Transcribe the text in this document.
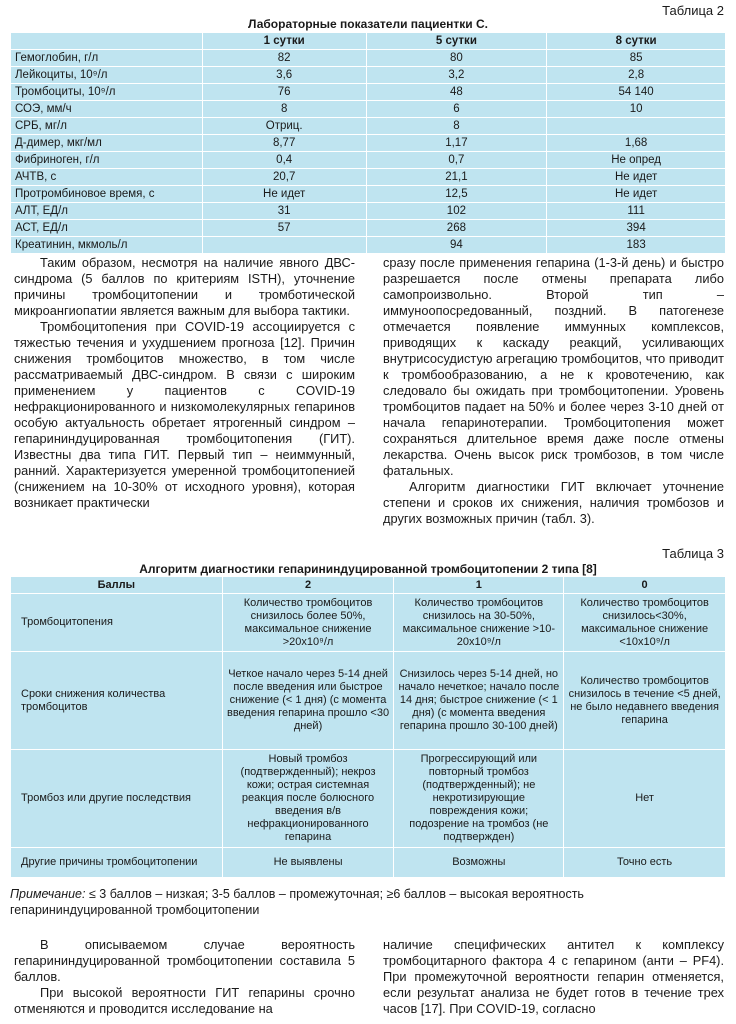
Таблица 2
Лабораторные показатели пациентки С.
	1 сутки	5 сутки	8 сутки
Гемоглобин, г/л	82	80	85
Лейкоциты, 10⁹/л	3,6	3,2	2,8
Тромбоциты, 10⁹/л	76	48	54 140
СОЭ, мм/ч	8	6	10
СРБ, мг/л	Отриц.	8	
Д-димер, мкг/мл	8,77	1,17	1,68
Фибриноген, г/л	0,4	0,7	Не опред
АЧТВ, с	20,7	21,1	Не идет
Протромбиновое время, с	Не идет	12,5	Не идет
АЛТ, ЕД/л	31	102	111
АСТ, ЕД/л	57	268	394
Креатинин, мкмоль/л		94	183

Таким образом, несмотря на наличие явного ДВС-синдрома (5 баллов по критериям ISTH), уточнение причины тромбоцитопении и тромботической микроангиопатии является важным для выбора тактики.

Тромбоцитопения при COVID-19 ассоциируется с тяжестью течения и ухудшением прогноза [12]. Причин снижения тромбоцитов множество, в том числе рассматриваемый ДВС-синдром. В связи с широким применением у пациентов с COVID-19 нефракционированного и низкомолекулярных гепаринов особую актуальность обретает ятрогенный синдром – гепарининдуцированная тромбоцитопения (ГИТ). Известны два типа ГИТ. Первый тип – неиммунный, ранний. Характеризуется умеренной тромбоцитопенией (снижением на 10-30% от исходного уровня), которая возникает практически

сразу после применения гепарина (1-3-й день) и быстро разрешается после отмены препарата либо самопроизвольно. Второй тип – иммуноопосредованный, поздний. В патогенезе отмечается появление иммунных комплексов, приводящих к каскаду реакций, усиливающих внутрисосудистую агрегацию тромбоцитов, что приводит к тромбообразованию, а не к кровотечению, как следовало бы ожидать при тромбоцитопении. Уровень тромбоцитов падает на 50% и более через 3-10 дней от начала гепаринотерапии. Тромбоцитопения может сохраняться длительное время даже после отмены лекарства. Очень высок риск тромбозов, в том числе фатальных.

Алгоритм диагностики ГИТ включает уточнение степени и сроков их снижения, наличия тромбозов и других возможных причин (табл. 3).

Таблица 3
Алгоритм диагностики гепарининдуцированной тромбоцитопении 2 типа [8]
Баллы	2	1	0
Тромбоцитопения	Количество тромбоцитов снизилось более 50%, максимальное снижение >20x10⁹/л	Количество тромбоцитов снизилось на 30-50%, максимальное снижение >10-20x10⁹/л	Количество тромбоцитов снизилось<30%, максимальное снижение <10x10⁹/л
Сроки снижения количества тромбоцитов	Четкое начало через 5-14 дней после введения или быстрое снижение (< 1 дня) (с момента введения гепарина прошло <30 дней)	Снизилось через 5-14 дней, но начало нечеткое; начало после 14 дня; быстрое снижение (< 1 дня) (с момента введения гепарина прошло 30-100 дней)	Количество тромбоцитов снизилось в течение <5 дней, не было недавнего введения гепарина
Тромбоз или другие последствия	Новый тромбоз (подтвержденный); некроз кожи; острая системная реакция после болюсного введения в/в нефракционированного гепарина	Прогрессирующий или повторный тромбоз (подтвержденный); не некротизирующие повреждения кожи; подозрение на тромбоз (не подтвержден)	Нет
Другие причины тромбоцитопении	Не выявлены	Возможны	Точно есть
Примечание: ≤ 3 баллов – низкая; 3-5 баллов – промежуточная; ≥6 баллов – высокая вероятность гепарининдуцированной тромбоцитопении

В описываемом случае вероятность гепарининдуцированной тромбоцитопении составила 5 баллов.

При высокой вероятности ГИТ гепарины срочно отменяются и проводится исследование на

наличие специфических антител к комплексу тромбоцитарного фактора 4 с гепарином (анти – PF4). При промежуточной вероятности гепарин отменяется, если результат анализа не будет готов в течение трех часов [17]. При COVID-19, согласно
